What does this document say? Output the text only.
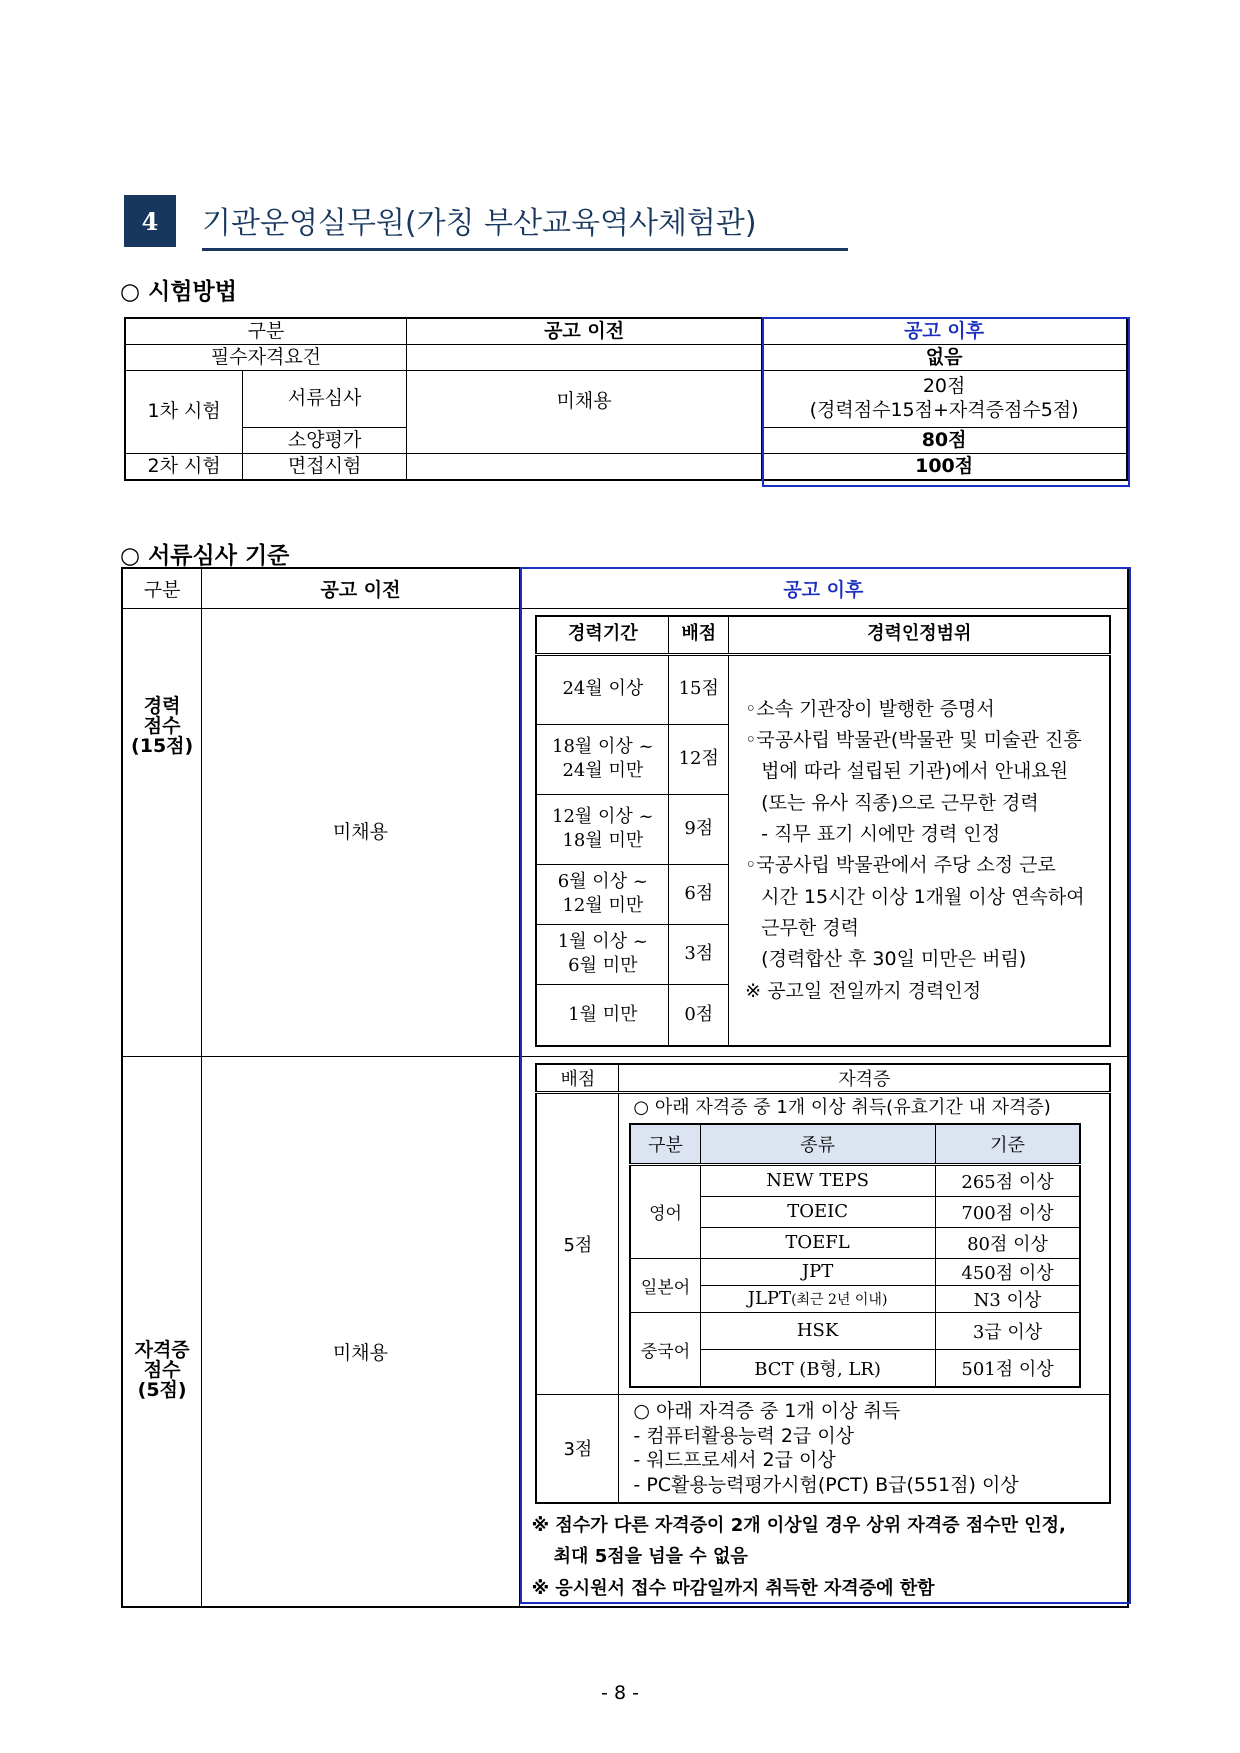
4	기관운영실무원(가칭 부산교육역사체험관)
○ 시험방법
구분		공고 이전	공고 이후
필수자격요건			없음
1차 시험	서류심사	미채용	20점
(경력점수15점+자격증점수5점)

	소양평가		80점
2차 시험	면접시험		100점
○ 서류심사 기준
구분	공고 이전	공고 이후

경력
점수
(15점)
	미채용	
경력기간	배점	경력인정범위

24월 이상	15점	
◦소속 기관장이 발행한 증명서
◦국공사립 박물관(박물관 및 미술관 진흥
법에 따라 설립된 기관)에서 안내요원
(또는 유사 직종)으로 근무한 경력
- 직무 표기 시에만 경력 인정
◦국공사립 박물관에서 주당 소정 근로
시간 15시간 이상 1개월 이상 연속하여
근무한 경력
(경력합산 후 30일 미만은 버림)
※ 공고일 전일까지 경력인정

18월 이상 ~
24월 미만
	12점

12월 이상 ~
18월 미만
	9점

6월 이상 ~
12월 미만
	6점

1월 이상 ~
6월 미만
	3점

1월 미만	0점

자격증
점수
(5점)
	미채용	
배점	자격증
5점	
○ 아래 자격증 중 1개 이상 취득(유효기간 내 자격증)
구분	종류	기준
영어	NEW TEPS	265점 이상
TOEIC	700점 이상
TOEFL	80점 이상
일본어	JPT	450점 이상
JLPT(최근 2년 이내)	N3 이상
중국어	HSK	3급 이상
BCT (B형, LR)	501점 이상

3점	
○ 아래 자격증 중 1개 이상 취득
- 컴퓨터활용능력 2급 이상
- 워드프로세서 2급 이상
- PC활용능력평가시험(PCT) B급(551점) 이상
※ 점수가 다른 자격증이 2개 이상일 경우 상위 자격증 점수만 인정,
최대 5점을 넘을 수 없음
※ 응시원서 접수 마감일까지 취득한 자격증에 한함
- 8 -
